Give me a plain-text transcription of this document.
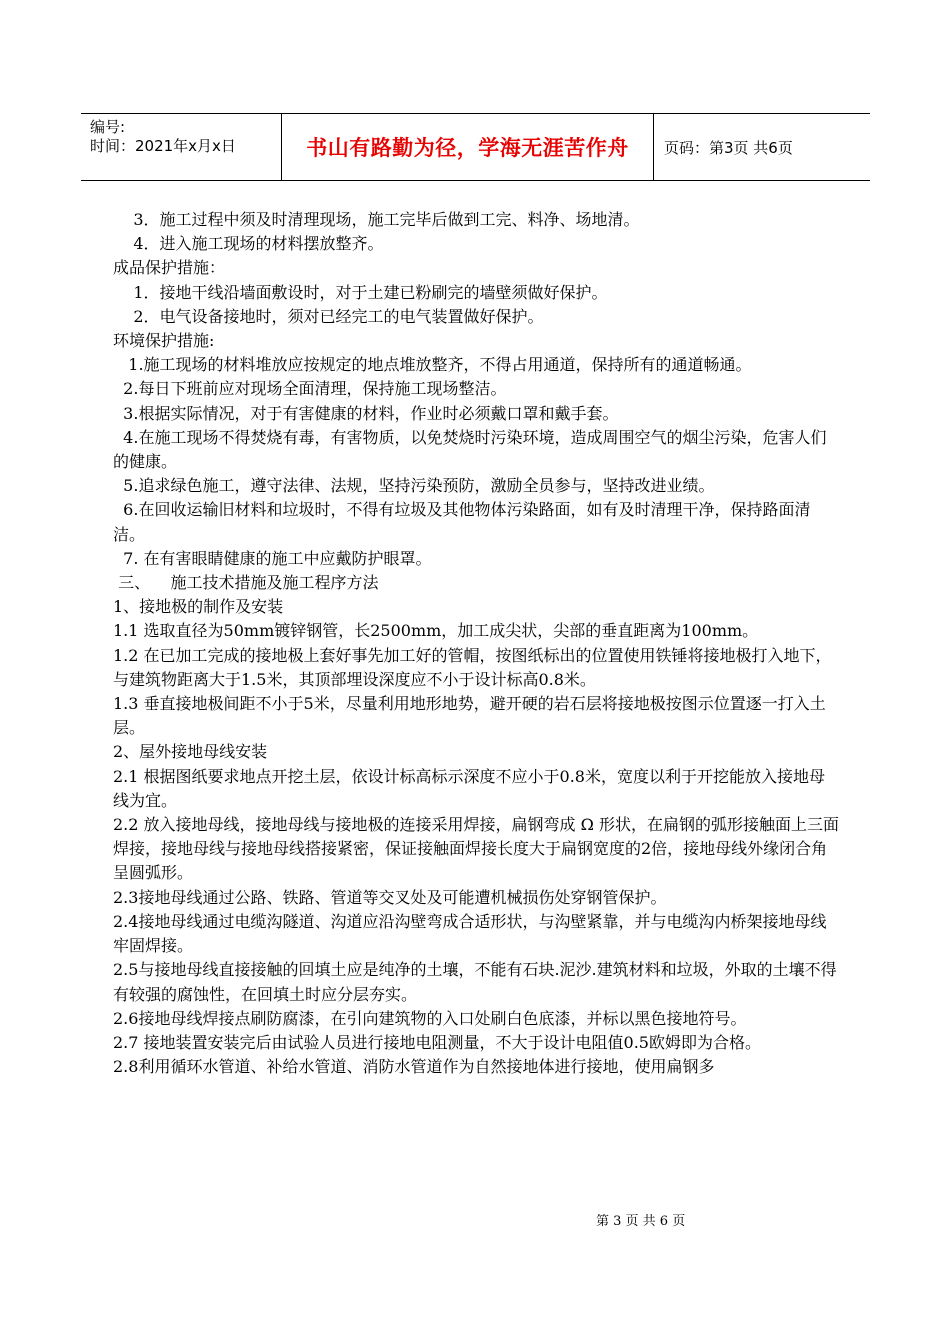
编号:
时间：2021年x月x日	书山有路勤为径，学海无涯苦作舟 页码：第3页 共6页

3．施工过程中须及时清理现场，施工完毕后做到工完、料净、场地清。

4．进入施工现场的材料摆放整齐。

成品保护措施：

1．接地干线沿墙面敷设时，对于土建已粉刷完的墙壁须做好保护。

2．电气设备接地时，须对已经完工的电气装置做好保护。

环境保护措施:

1.施工现场的材料堆放应按规定的地点堆放整齐，不得占用通道，保持所有的通道畅通。

2.每日下班前应对现场全面清理，保持施工现场整洁。

3.根据实际情况，对于有害健康的材料，作业时必须戴口罩和戴手套。

4.在施工现场不得焚烧有毒，有害物质，以免焚烧时污染环境，造成周围空气的烟尘污染，危害人们的健康。

5.追求绿色施工，遵守法律、法规，坚持污染预防，激励全员参与，坚持改进业绩。

6.在回收运输旧材料和垃圾时，不得有垃圾及其他物体污染路面，如有及时清理干净，保持路面清洁。

7. 在有害眼睛健康的施工中应戴防护眼罩。

三、    施工技术措施及施工程序方法

1、接地极的制作及安装

1.1 选取直径为50mm镀锌钢管，长2500mm，加工成尖状，尖部的垂直距离为100mm。

1.2 在已加工完成的接地极上套好事先加工好的管帽，按图纸标出的位置使用铁锤将接地极打入地下，与建筑物距离大于1.5米，其顶部埋设深度应不小于设计标高0.8米。

1.3 垂直接地极间距不小于5米，尽量利用地形地势，避开硬的岩石层将接地极按图示位置逐一打入土层。

2、屋外接地母线安装

2.1 根据图纸要求地点开挖土层，依设计标高标示深度不应小于0.8米，宽度以利于开挖能放入接地母线为宜。

2.2 放入接地母线，接地母线与接地极的连接采用焊接，扁钢弯成 Ω 形状，在扁钢的弧形接触面上三面焊接，接地母线与接地母线搭接紧密，保证接触面焊接长度大于扁钢宽度的2倍，接地母线外缘闭合角呈圆弧形。

2.3接地母线通过公路、铁路、管道等交叉处及可能遭机械损伤处穿钢管保护。

2.4接地母线通过电缆沟隧道、沟道应沿沟壁弯成合适形状，与沟壁紧靠，并与电缆沟内桥架接地母线牢固焊接。

2.5与接地母线直接接触的回填土应是纯净的土壤，不能有石块.泥沙.建筑材料和垃圾，外取的土壤不得有较强的腐蚀性，在回填土时应分层夯实。

2.6接地母线焊接点刷防腐漆，在引向建筑物的入口处刷白色底漆，并标以黑色接地符号。

2.7 接地装置安装完后由试验人员进行接地电阻测量，不大于设计电阻值0.5欧姆即为合格。

2.8利用循环水管道、补给水管道、消防水管道作为自然接地体进行接地，使用扁钢多

第 3 页 共 6 页
